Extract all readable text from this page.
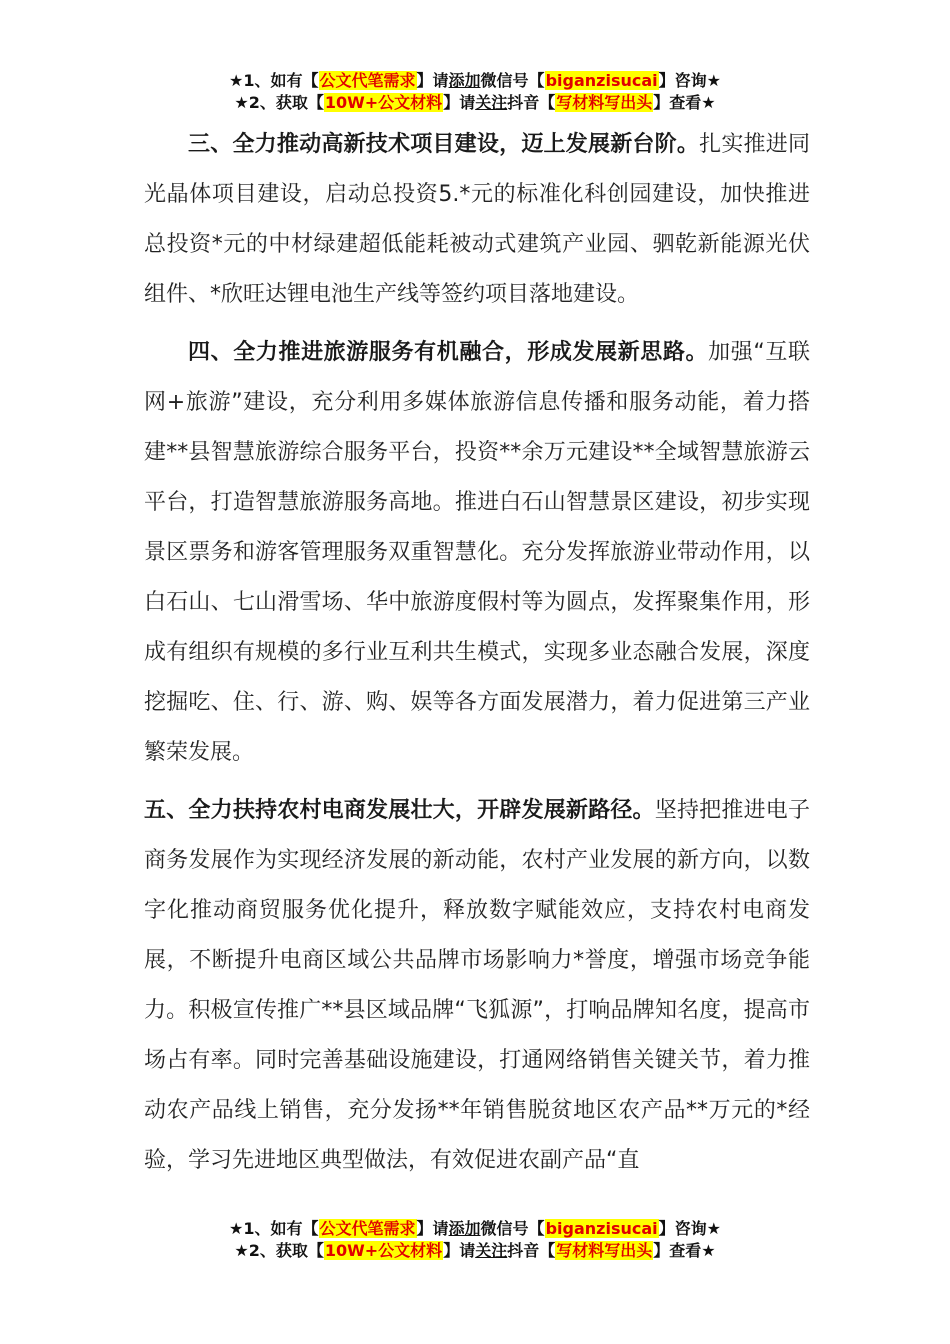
★1、如有【公文代笔需求】请添加微信号【biganzisucai】咨询★
★2、获取【10W+公文材料】请关注抖音【写材料写出头】查看★

三、全力推动高新技术项目建设，迈上发展新台阶。扎实推进同光晶体项目建设，启动总投资5.*元的标准化科创园建设，加快推进总投资*元的中材绿建超低能耗被动式建筑产业园、驷乾新能源光伏组件、*欣旺达锂电池生产线等签约项目落地建设。

四、全力推进旅游服务有机融合，形成发展新思路。加强“互联网+旅游”建设，充分利用多媒体旅游信息传播和服务动能，着力搭建**县智慧旅游综合服务平台，投资**余万元建设**全域智慧旅游云平台，打造智慧旅游服务高地。推进白石山智慧景区建设，初步实现景区票务和游客管理服务双重智慧化。充分发挥旅游业带动作用，以白石山、七山滑雪场、华中旅游度假村等为圆点，发挥聚集作用，形成有组织有规模的多行业互利共生模式，实现多业态融合发展，深度挖掘吃、住、行、游、购、娱等各方面发展潜力，着力促进第三产业繁荣发展。

五、全力扶持农村电商发展壮大，开辟发展新路径。坚持把推进电子商务发展作为实现经济发展的新动能，农村产业发展的新方向，以数字化推动商贸服务优化提升，释放数字赋能效应，支持农村电商发展，不断提升电商区域公共品牌市场影响力*誉度，增强市场竞争能力。积极宣传推广**县区域品牌“飞狐源”，打响品牌知名度，提高市场占有率。同时完善基础设施建设，打通网络销售关键关节，着力推动农产品线上销售，充分发扬**年销售脱贫地区农产品**万元的*经验，学习先进地区典型做法，有效促进农副产品“直

★1、如有【公文代笔需求】请添加微信号【biganzisucai】咨询★
★2、获取【10W+公文材料】请关注抖音【写材料写出头】查看★
